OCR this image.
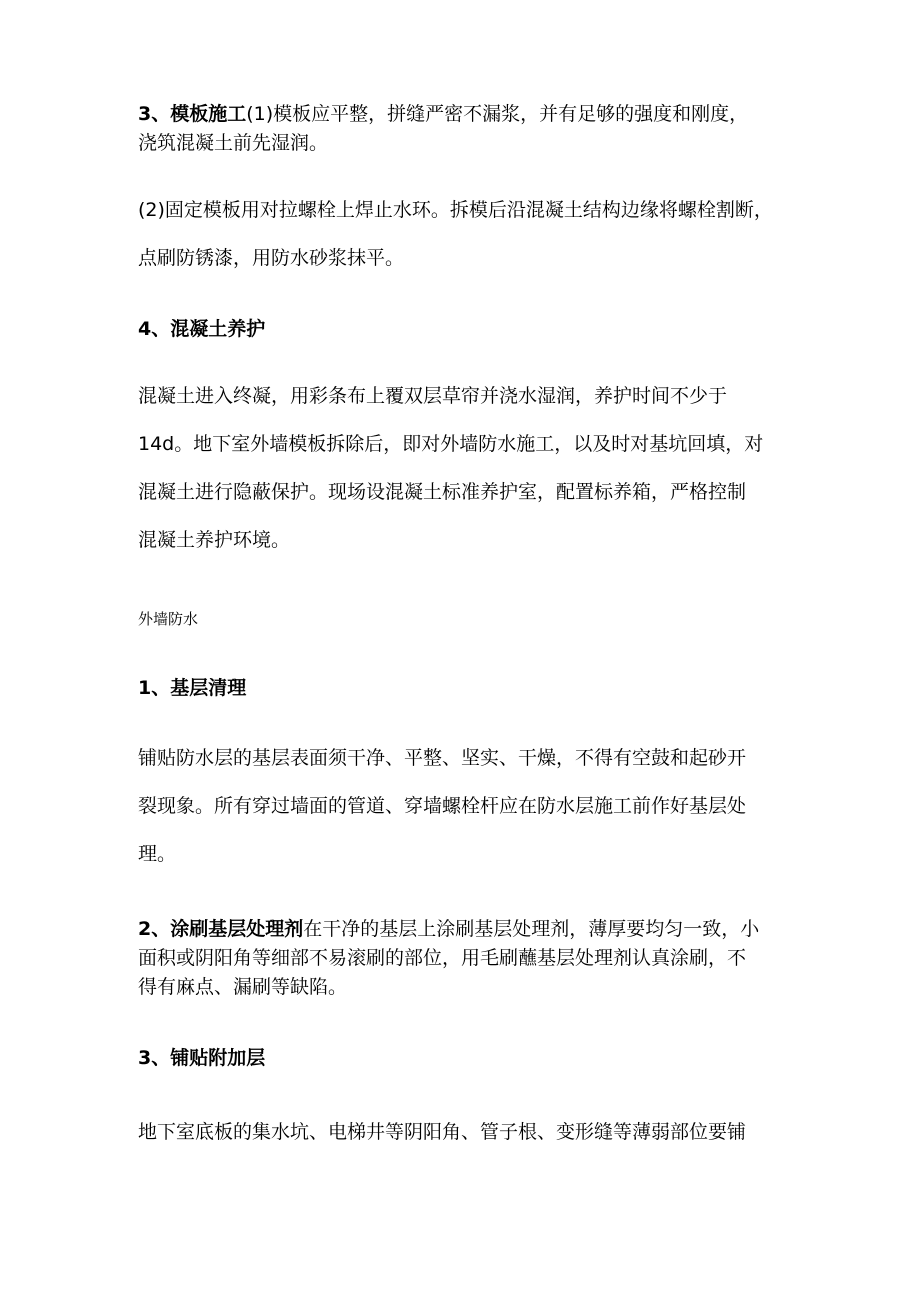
3、模板施工(1)模板应平整，拼缝严密不漏浆，并有足够的强度和刚度，
浇筑混凝土前先湿润。

(2)固定模板用对拉螺栓上焊止水环。拆模后沿混凝土结构边缘将螺栓割断，
点刷防锈漆，用防水砂浆抹平。

4、混凝土养护

混凝土进入终凝，用彩条布上覆双层草帘并浇水湿润，养护时间不少于
14d。地下室外墙模板拆除后，即对外墙防水施工，以及时对基坑回填，对
混凝土进行隐蔽保护。现场设混凝土标准养护室，配置标养箱，严格控制
混凝土养护环境。

外墙防水

1、基层清理

铺贴防水层的基层表面须干净、平整、坚实、干燥，不得有空鼓和起砂开
裂现象。所有穿过墙面的管道、穿墙螺栓杆应在防水层施工前作好基层处
理。

2、涂刷基层处理剂在干净的基层上涂刷基层处理剂，薄厚要均匀一致，小
面积或阴阳角等细部不易滚刷的部位，用毛刷蘸基层处理剂认真涂刷，不
得有麻点、漏刷等缺陷。

3、铺贴附加层

地下室底板的集水坑、电梯井等阴阳角、管子根、变形缝等薄弱部位要铺
